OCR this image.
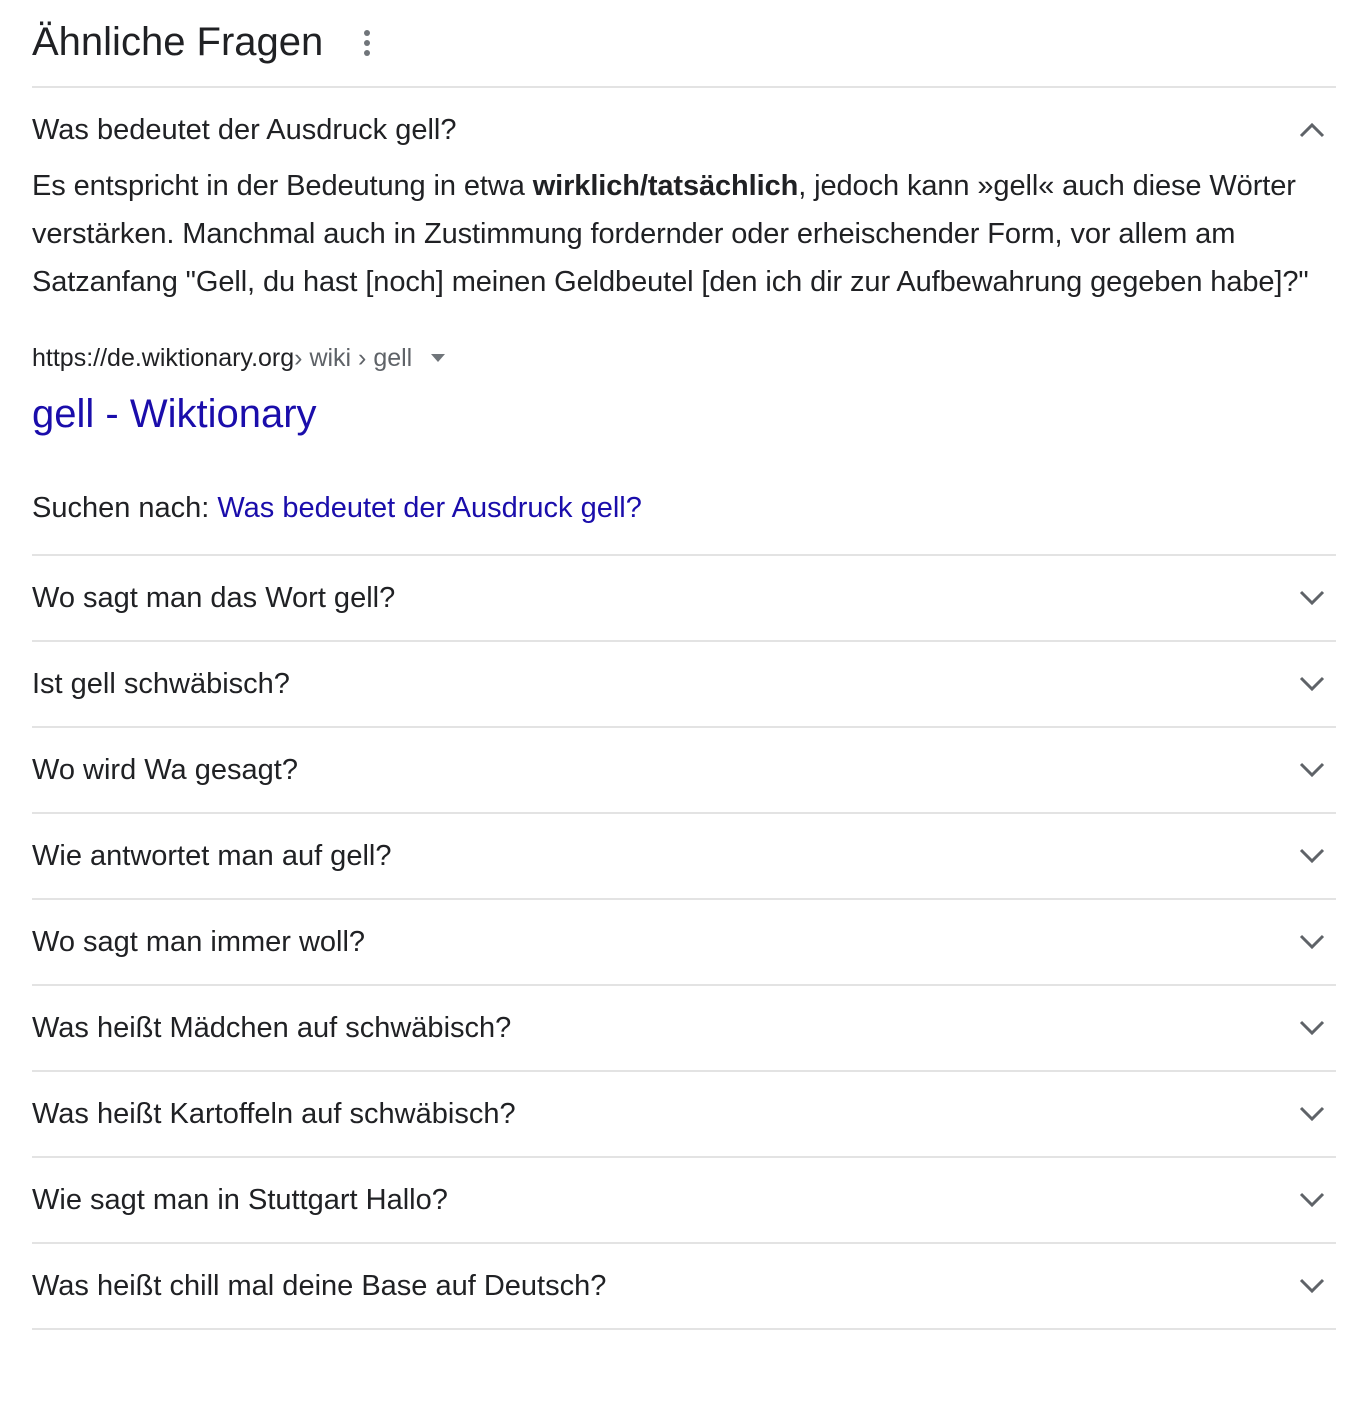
Ähnliche Fragen
Was bedeutet der Ausdruck gell?
Es entspricht in der Bedeutung in etwa wirklich/tatsächlich, jedoch kann »gell« auch diese Wörter verstärken. Manchmal auch in Zustimmung fordernder oder erheischender Form, vor allem am Satzanfang "Gell, du hast [noch] meinen Geldbeutel [den ich dir zur Aufbewahrung gegeben habe]?"
https://de.wiktionary.org › wiki › gell
gell - Wiktionary
Suchen nach: Was bedeutet der Ausdruck gell?
Wo sagt man das Wort gell?
Ist gell schwäbisch?
Wo wird Wa gesagt?
Wie antwortet man auf gell?
Wo sagt man immer woll?
Was heißt Mädchen auf schwäbisch?
Was heißt Kartoffeln auf schwäbisch?
Wie sagt man in Stuttgart Hallo?
Was heißt chill mal deine Base auf Deutsch?
